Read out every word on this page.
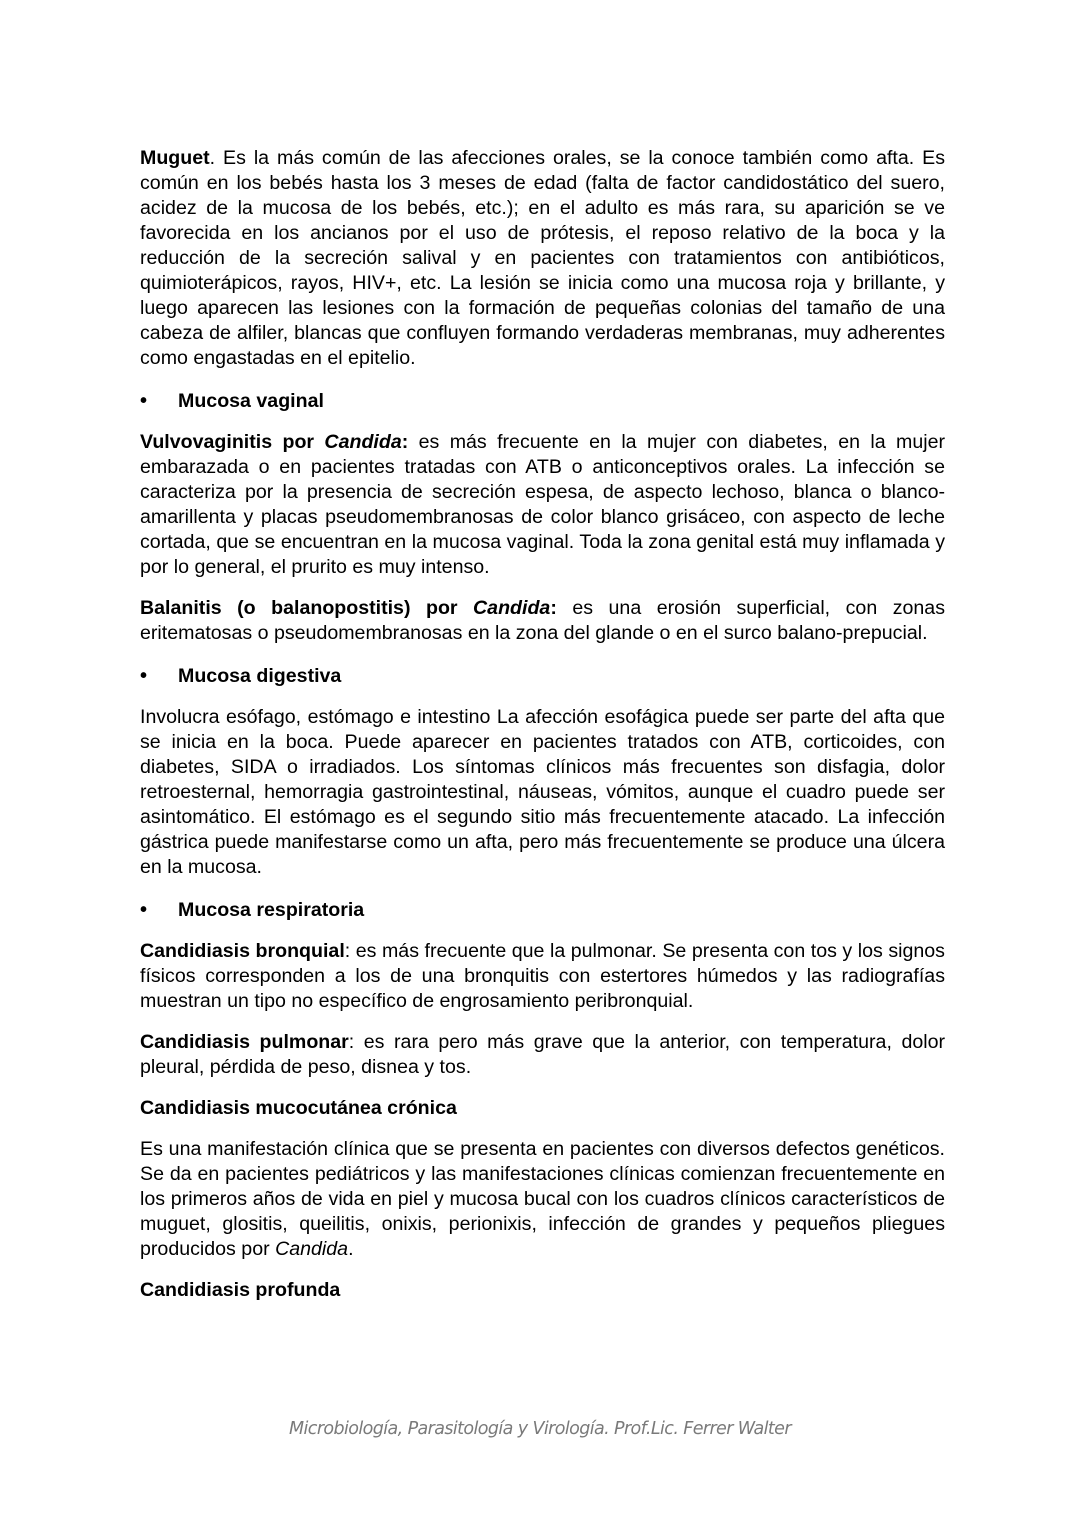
Muguet. Es la más común de las afecciones orales, se la conoce también como afta. Es común en los bebés hasta los 3 meses de edad (falta de factor candidostático del suero, acidez de la mucosa de los bebés, etc.); en el adulto es más rara, su aparición se ve favorecida en los ancianos por el uso de prótesis, el reposo relativo de la boca y la reducción de la secreción salival y en pacientes con tratamientos con antibióticos, quimioterápicos, rayos, HIV+, etc. La lesión se inicia como una mucosa roja y brillante, y luego aparecen las lesiones con la formación de pequeñas colonias del tamaño de una cabeza de alfiler, blancas que confluyen formando verdaderas membranas, muy adherentes como engastadas en el epitelio.

•	Mucosa vaginal

Vulvovaginitis por Candida: es más frecuente en la mujer con diabetes, en la mujer embarazada o en pacientes tratadas con ATB o anticonceptivos orales. La infección se caracteriza por la presencia de secreción espesa, de aspecto lechoso, blanca o blanco-amarillenta y placas pseudomembranosas de color blanco grisáceo, con aspecto de leche cortada, que se encuentran en la mucosa vaginal. Toda la zona genital está muy inflamada y por lo general, el prurito es muy intenso.

Balanitis (o balanopostitis) por Candida: es una erosión superficial, con zonas eritematosas o pseudomembranosas en la zona del glande o en el surco balano-prepucial.

•	Mucosa digestiva

Involucra esófago, estómago e intestino La afección esofágica puede ser parte del afta que se inicia en la boca. Puede aparecer en pacientes tratados con ATB, corticoides, con diabetes, SIDA o irradiados. Los síntomas clínicos más frecuentes son disfagia, dolor retroesternal, hemorragia gastrointestinal, náuseas, vómitos, aunque el cuadro puede ser asintomático. El estómago es el segundo sitio más frecuentemente atacado. La infección gástrica puede manifestarse como un afta, pero más frecuentemente se produce una úlcera en la mucosa.

•	Mucosa respiratoria

Candidiasis bronquial: es más frecuente que la pulmonar. Se presenta con tos y los signos físicos corresponden a los de una bronquitis con estertores húmedos y las radiografías muestran un tipo no específico de engrosamiento peribronquial.

Candidiasis pulmonar: es rara pero más grave que la anterior, con temperatura, dolor pleural, pérdida de peso, disnea y tos.

Candidiasis mucocutánea crónica

Es una manifestación clínica que se presenta en pacientes con diversos defectos genéticos. Se da en pacientes pediátricos y las manifestaciones clínicas comienzan frecuentemente en los primeros años de vida en piel y mucosa bucal con los cuadros clínicos característicos de muguet, glositis, queilitis, onixis, perionixis, infección de grandes y pequeños pliegues producidos por Candida.

Candidiasis profunda
Microbiología, Parasitología y Virología. Prof.Lic. Ferrer Walter
